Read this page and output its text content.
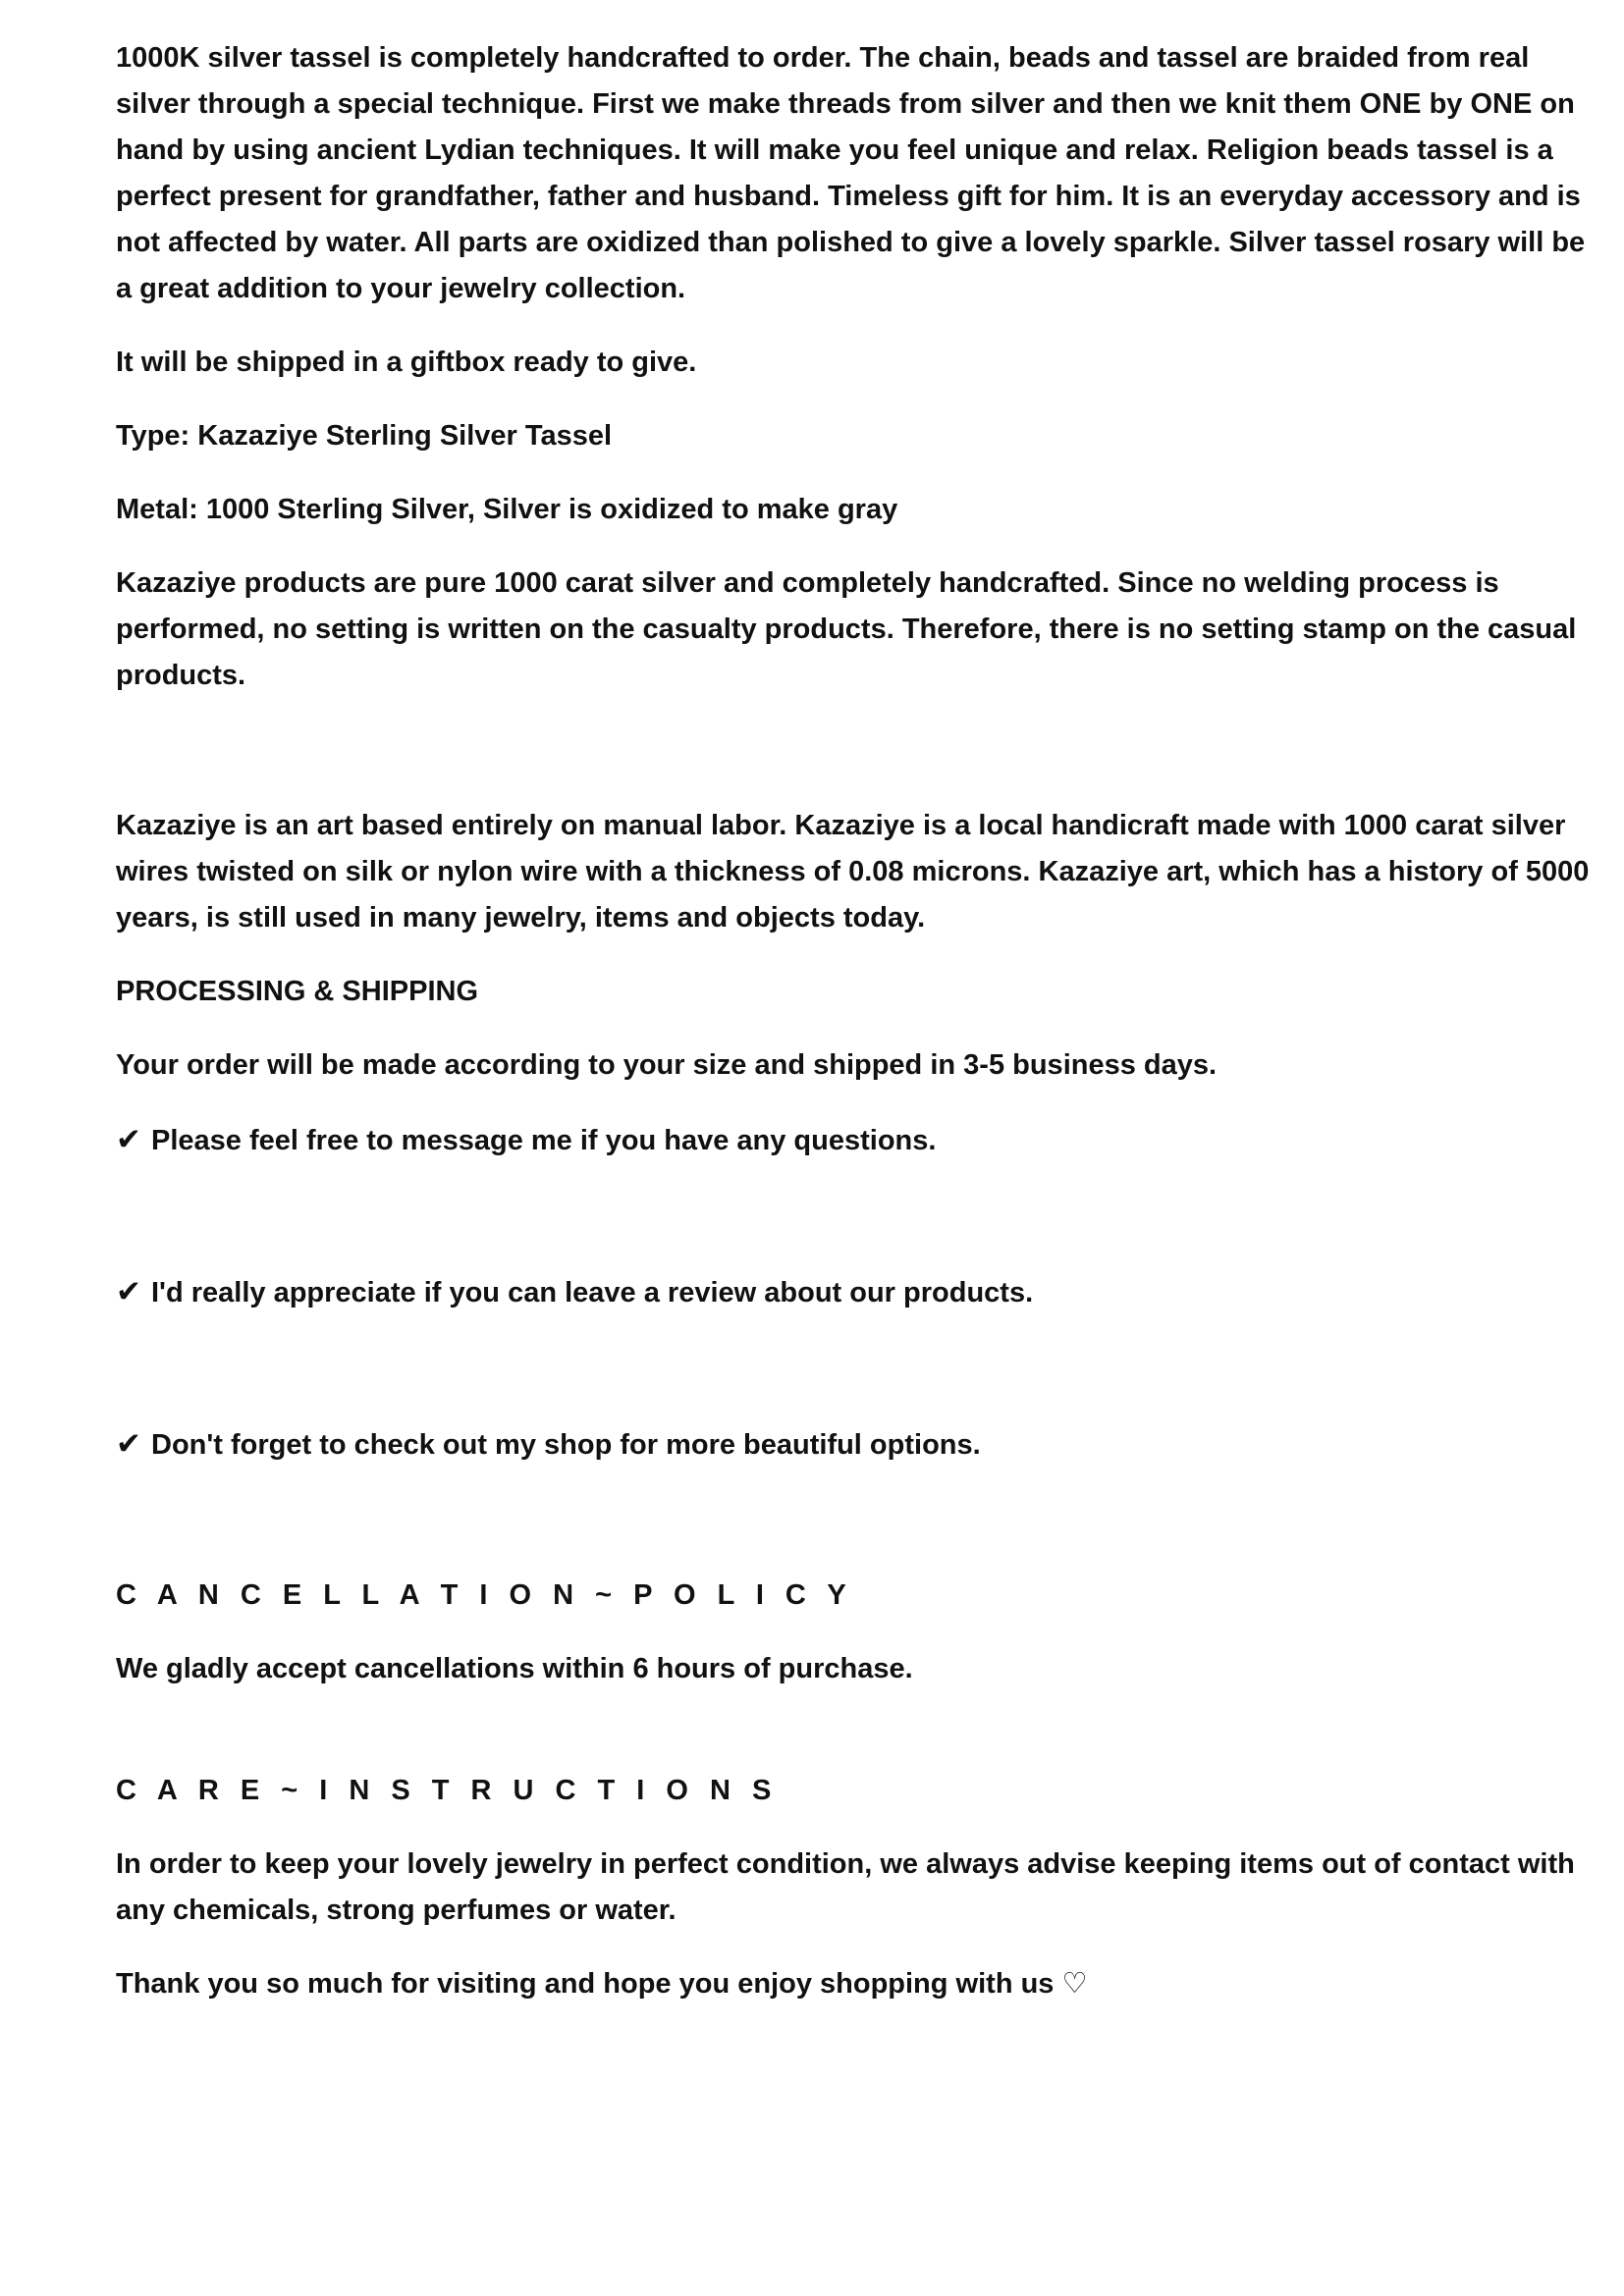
1000K silver tassel is completely handcrafted to order. The chain, beads and tassel are braided from real silver through a special technique. First we make threads from silver and then we knit them ONE by ONE on hand by using ancient Lydian techniques. It will make you feel unique and relax. Religion beads tassel is a perfect present for grandfather, father and husband. Timeless gift for him. It is an everyday accessory and is not affected by water. All parts are oxidized than polished to give a lovely sparkle. Silver tassel rosary will be a great addition to your jewelry collection.

It will be shipped in a giftbox ready to give.

Type: Kazaziye Sterling Silver Tassel

Metal: 1000 Sterling Silver, Silver is oxidized to make gray

Kazaziye products are pure 1000 carat silver and completely handcrafted. Since no welding process is performed, no setting is written on the casualty products. Therefore, there is no setting stamp on the casual products.

Kazaziye is an art based entirely on manual labor. Kazaziye is a local handicraft made with 1000 carat silver wires twisted on silk or nylon wire with a thickness of 0.08 microns. Kazaziye art, which has a history of 5000 years, is still used in many jewelry, items and objects today.

PROCESSING & SHIPPING

Your order will be made according to your size and shipped in 3-5 business days.

✔ Please feel free to message me if you have any questions.

✔ I'd really appreciate if you can leave a review about our products.

✔ Don't forget to check out my shop for more beautiful options.

C A N C E L L A T I O N ~ P O L I C Y

We gladly accept cancellations within 6 hours of purchase.

C A R E ~ I N S T R U C T I O N S

In order to keep your lovely jewelry in perfect condition, we always advise keeping items out of contact with any chemicals, strong perfumes or water.

Thank you so much for visiting and hope you enjoy shopping with us ♡
